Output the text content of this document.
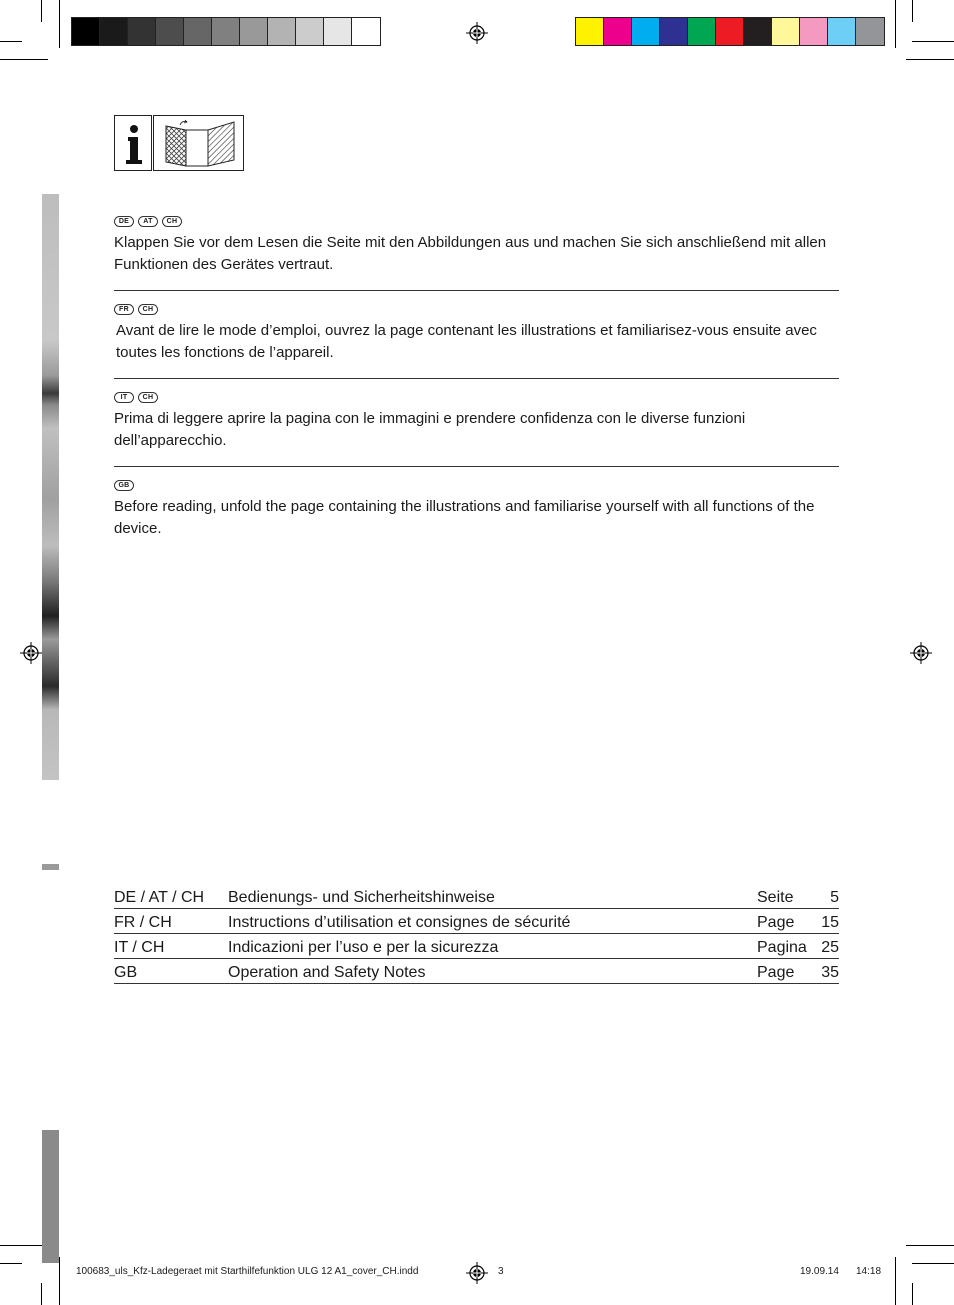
DE	AT	CH
Klappen Sie vor dem Lesen die Seite mit den Abbildungen aus und machen Sie sich anschließend mit allen Funktionen des Gerätes vertraut.
FR	CH
Avant de lire le mode d’emploi, ouvrez la page contenant les illustrations et familiarisez-vous ensuite avec toutes les fonctions de l’appareil.
IT	CH
Prima di leggere aprire la pagina con le immagini e prendere confidenza con le diverse funzioni dell’apparecchio.
GB
Before reading, unfold the page containing the illustrations and familiarise yourself with all functions of the device.
DE / AT / CH	Bedienungs- und Sicherheitshinweise	Seite	5
FR / CH	Instructions d’utilisation et consignes de sécurité	Page	15
IT / CH	Indicazioni per l’uso e per la sicurezza	Pagina	25
GB	Operation and Safety Notes	Page	35
100683_uls_Kfz-Ladegeraet mit Starthilfefunktion ULG 12 A1_cover_CH.indd	3	19.09.14 14:18
